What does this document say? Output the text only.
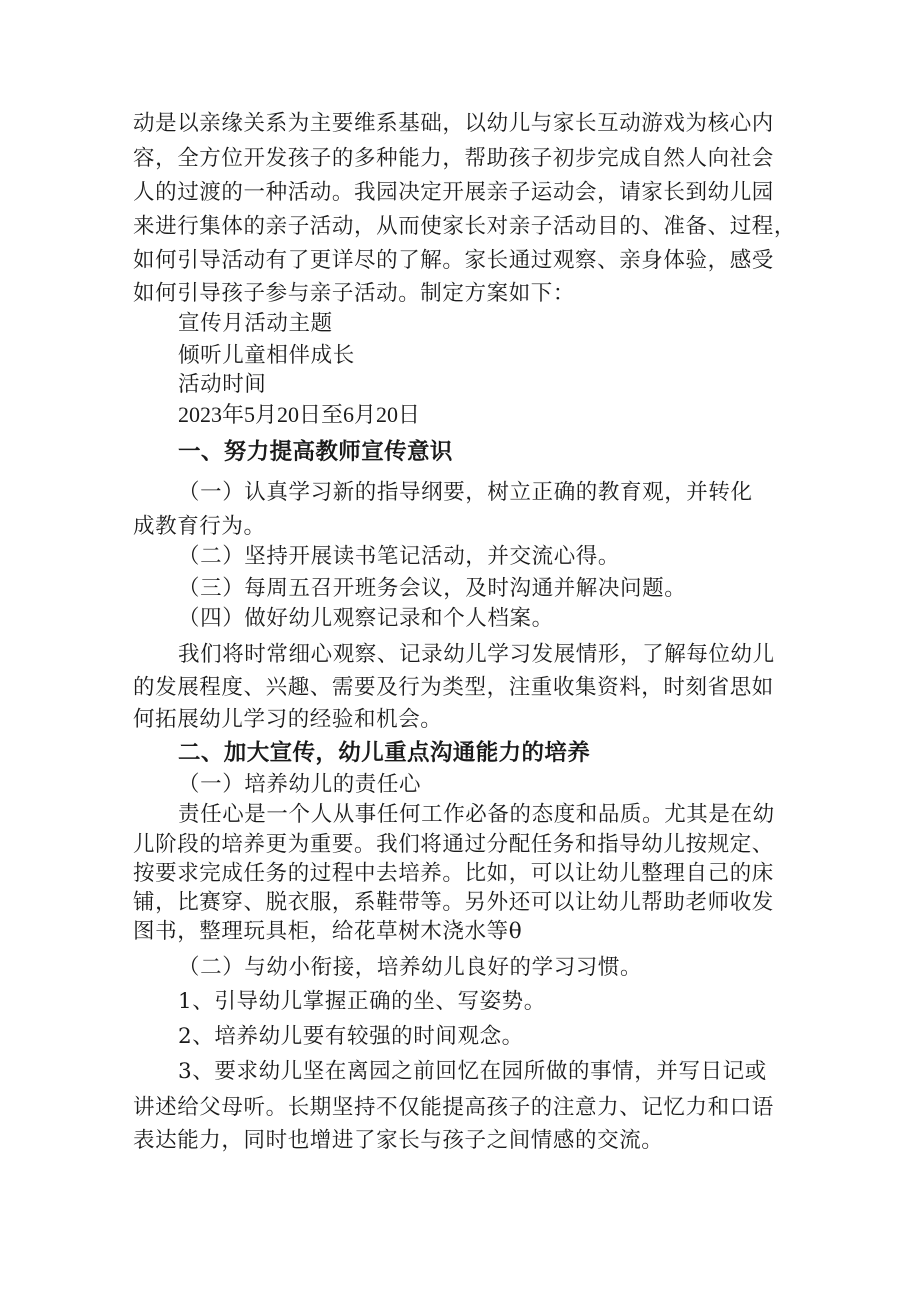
动是以亲缘关系为主要维系基础，以幼儿与家长互动游戏为核心内
容，全方位开发孩子的多种能力，帮助孩子初步完成自然人向社会
人的过渡的一种活动。我园决定开展亲子运动会，请家长到幼儿园
来进行集体的亲子活动，从而使家长对亲子活动目的、准备、过程，
如何引导活动有了更详尽的了解。家长通过观察、亲身体验，感受
如何引导孩子参与亲子活动。制定方案如下：
宣传月活动主题
倾听儿童相伴成长
活动时间
2023年5月20日至6月20日
一、努力提高教师宣传意识
（一）认真学习新的指导纲要，树立正确的教育观，并转化
成教育行为。
（二）坚持开展读书笔记活动，并交流心得。
（三）每周五召开班务会议，及时沟通并解决问题。
（四）做好幼儿观察记录和个人档案。
我们将时常细心观察、记录幼儿学习发展情形，了解每位幼儿
的发展程度、兴趣、需要及行为类型，注重收集资料，时刻省思如
何拓展幼儿学习的经验和机会。
二、加大宣传，幼儿重点沟通能力的培养
（一）培养幼儿的责任心
责任心是一个人从事任何工作必备的态度和品质。尤其是在幼
儿阶段的培养更为重要。我们将通过分配任务和指导幼儿按规定、
按要求完成任务的过程中去培养。比如，可以让幼儿整理自己的床
铺，比赛穿、脱衣服，系鞋带等。另外还可以让幼儿帮助老师收发
图书，整理玩具柜，给花草树木浇水等θ
（二）与幼小衔接，培养幼儿良好的学习习惯。
1、引导幼儿掌握正确的坐、写姿势。
2、培养幼儿要有较强的时间观念。
3、要求幼儿坚在离园之前回忆在园所做的事情，并写日记或
讲述给父母听。长期坚持不仅能提高孩子的注意力、记忆力和口语
表达能力，同时也增进了家长与孩子之间情感的交流。
